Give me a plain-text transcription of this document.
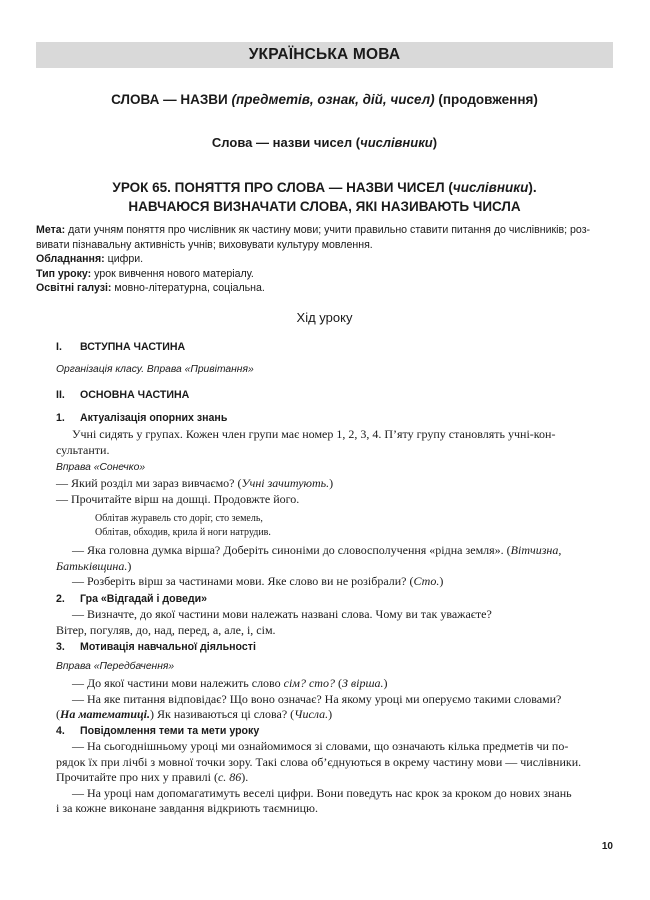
УКРАЇНСЬКА МОВА
СЛОВА — НАЗВИ (предметів, ознак, дій, чисел) (продовження)
Слова — назви чисел (числівники)
УРОК 65. ПОНЯТТЯ ПРО СЛОВА — НАЗВИ ЧИСЕЛ (числівники).
НАВЧАЮСЯ ВИЗНАЧАТИ СЛОВА, ЯКІ НАЗИВАЮТЬ ЧИСЛА
Мета: дати учням поняття про числівник як частину мови; учити правильно ставити питання до числівників; роз-
вивати пізнавальну активність учнів; виховувати культуру мовлення.
Обладнання: цифри.
Тип уроку: урок вивчення нового матеріалу.
Освітні галузі: мовно-літературна, соціальна.
Хід уроку
I. ВСТУПНА ЧАСТИНА
Організація класу. Вправа «Привітання»
II. ОСНОВНА ЧАСТИНА
1. Актуалізація опорних знань
Учні сидять у групах. Кожен член групи має номер 1, 2, 3, 4. П’яту групу становлять учні-кон-
сультанти.
Вправа «Сонечко»
— Який розділ ми зараз вивчаємо? (Учні зачитують.)
— Прочитайте вірш на дошці. Продовжте його.
Облітав журавель сто доріг, сто земель,
Облітав, обходив, крила й ноги натрудив.
— Яка головна думка вірша? Доберіть синоніми до словосполучення «рідна земля». (Вітчизна,
Батьківщина.)
— Розберіть вірш за частинами мови. Яке слово ви не розібрали? (Сто.)
2. Гра «Відгадай і доведи»
— Визначте, до якої частини мови належать названі слова. Чому ви так уважаєте?
Вітер, погуляв, до, над, перед, а, але, і, сім.
3. Мотивація навчальної діяльності
Вправа «Передбачення»
— До якої частини мови належить слово сім? сто? (З вірша.)
— На яке питання відповідає? Що воно означає? На якому уроці ми оперуємо такими словами?
(На математиці.) Як називаються ці слова? (Числа.)
4. Повідомлення теми та мети уроку
— На сьогоднішньому уроці ми ознайомимося зі словами, що означають кілька предметів чи по-
рядок їх при лічбі з мовної точки зору. Такі слова об’єднуються в окрему частину мови — числівники.
Прочитайте про них у правилі (с. 86).
— На уроці нам допомагатимуть веселі цифри. Вони поведуть нас крок за кроком до нових знань
і за кожне виконане завдання відкриють таємницю.
10
